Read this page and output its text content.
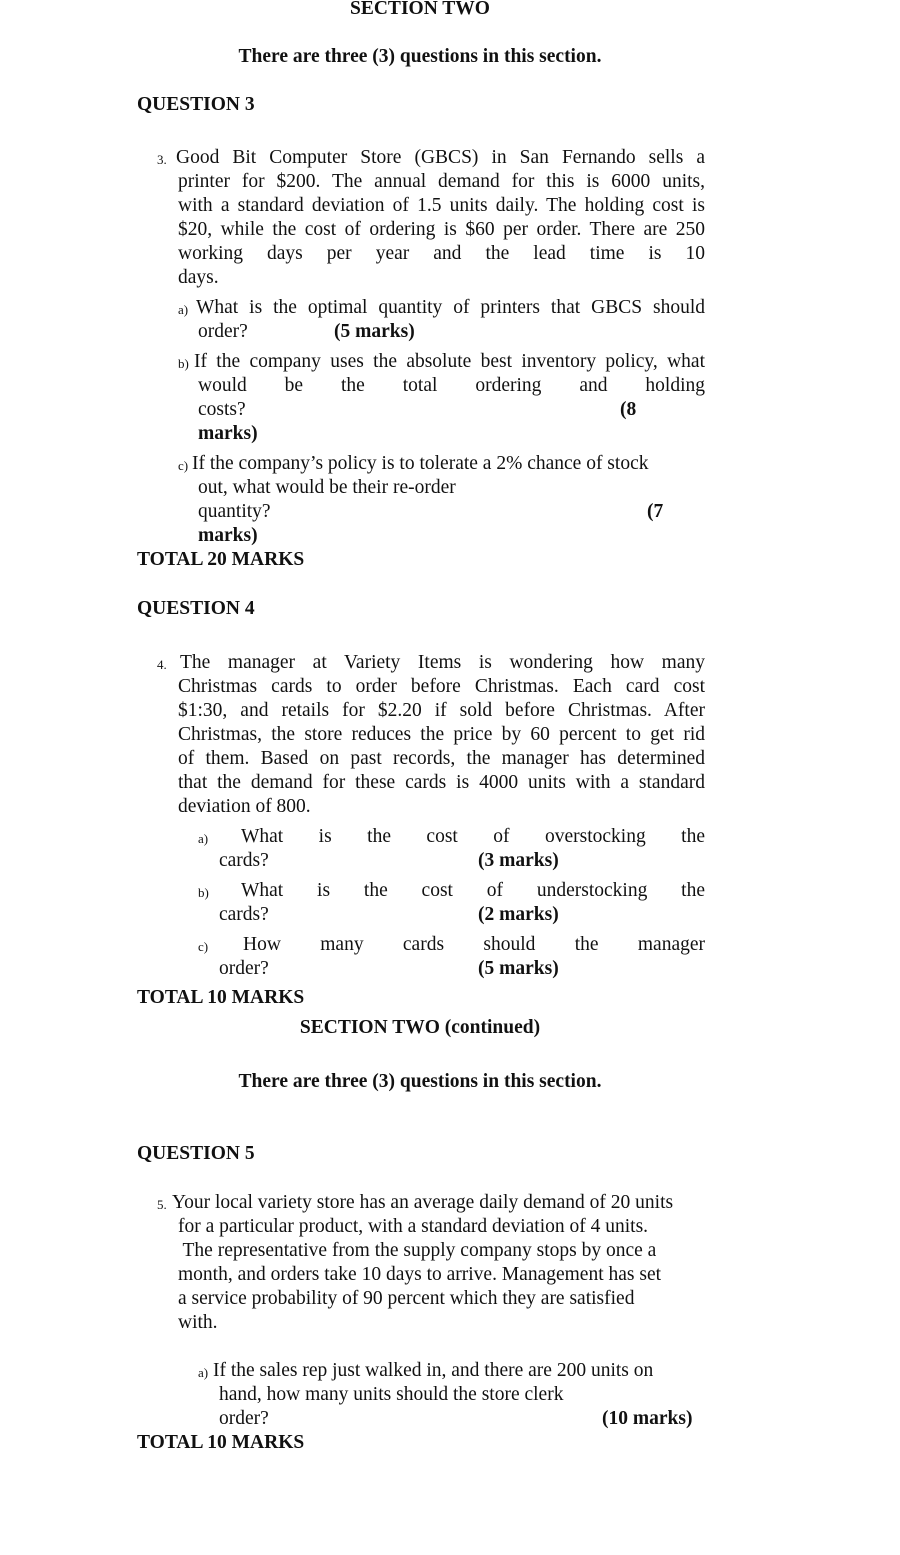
SECTION TWO
There are three (3) questions in this section.
QUESTION 3
3. Good Bit Computer Store (GBCS) in San Fernando sells a
printer for $200. The annual demand for this is 6000 units,
with a standard deviation of 1.5 units daily. The holding cost is
$20, while the cost of ordering is $60 per order. There are 250
working days per year and the lead time is 10
days.
a) What is the optimal quantity of printers that GBCS should
order?	(5 marks)
b) If the company uses the absolute best inventory policy, what
would be the total ordering and holding
costs?	(8
marks)
c) If the company’s policy is to tolerate a 2% chance of stock
out, what would be their re-order
quantity?	(7
marks)
TOTAL 20 MARKS
QUESTION 4
4. The manager at Variety Items is wondering how many
Christmas cards to order before Christmas. Each card cost
$1:30, and retails for $2.20 if sold before Christmas. After
Christmas, the store reduces the price by 60 percent to get rid
of them. Based on past records, the manager has determined
that the demand for these cards is 4000 units with a standard
deviation of 800.
a) What is the cost of overstocking the
cards?	(3 marks)
b) What is the cost of understocking the
cards?	(2 marks)
c) How many cards should the manager
order?	(5 marks)
TOTAL 10 MARKS
SECTION TWO (continued)
There are three (3) questions in this section.
QUESTION 5
5. Your local variety store has an average daily demand of 20 units
for a particular product, with a standard deviation of 4 units.
The representative from the supply company stops by once a
month, and orders take 10 days to arrive. Management has set
a service probability of 90 percent which they are satisfied
with.
a) If the sales rep just walked in, and there are 200 units on
hand, how many units should the store clerk
order?	(10 marks)
TOTAL 10 MARKS
